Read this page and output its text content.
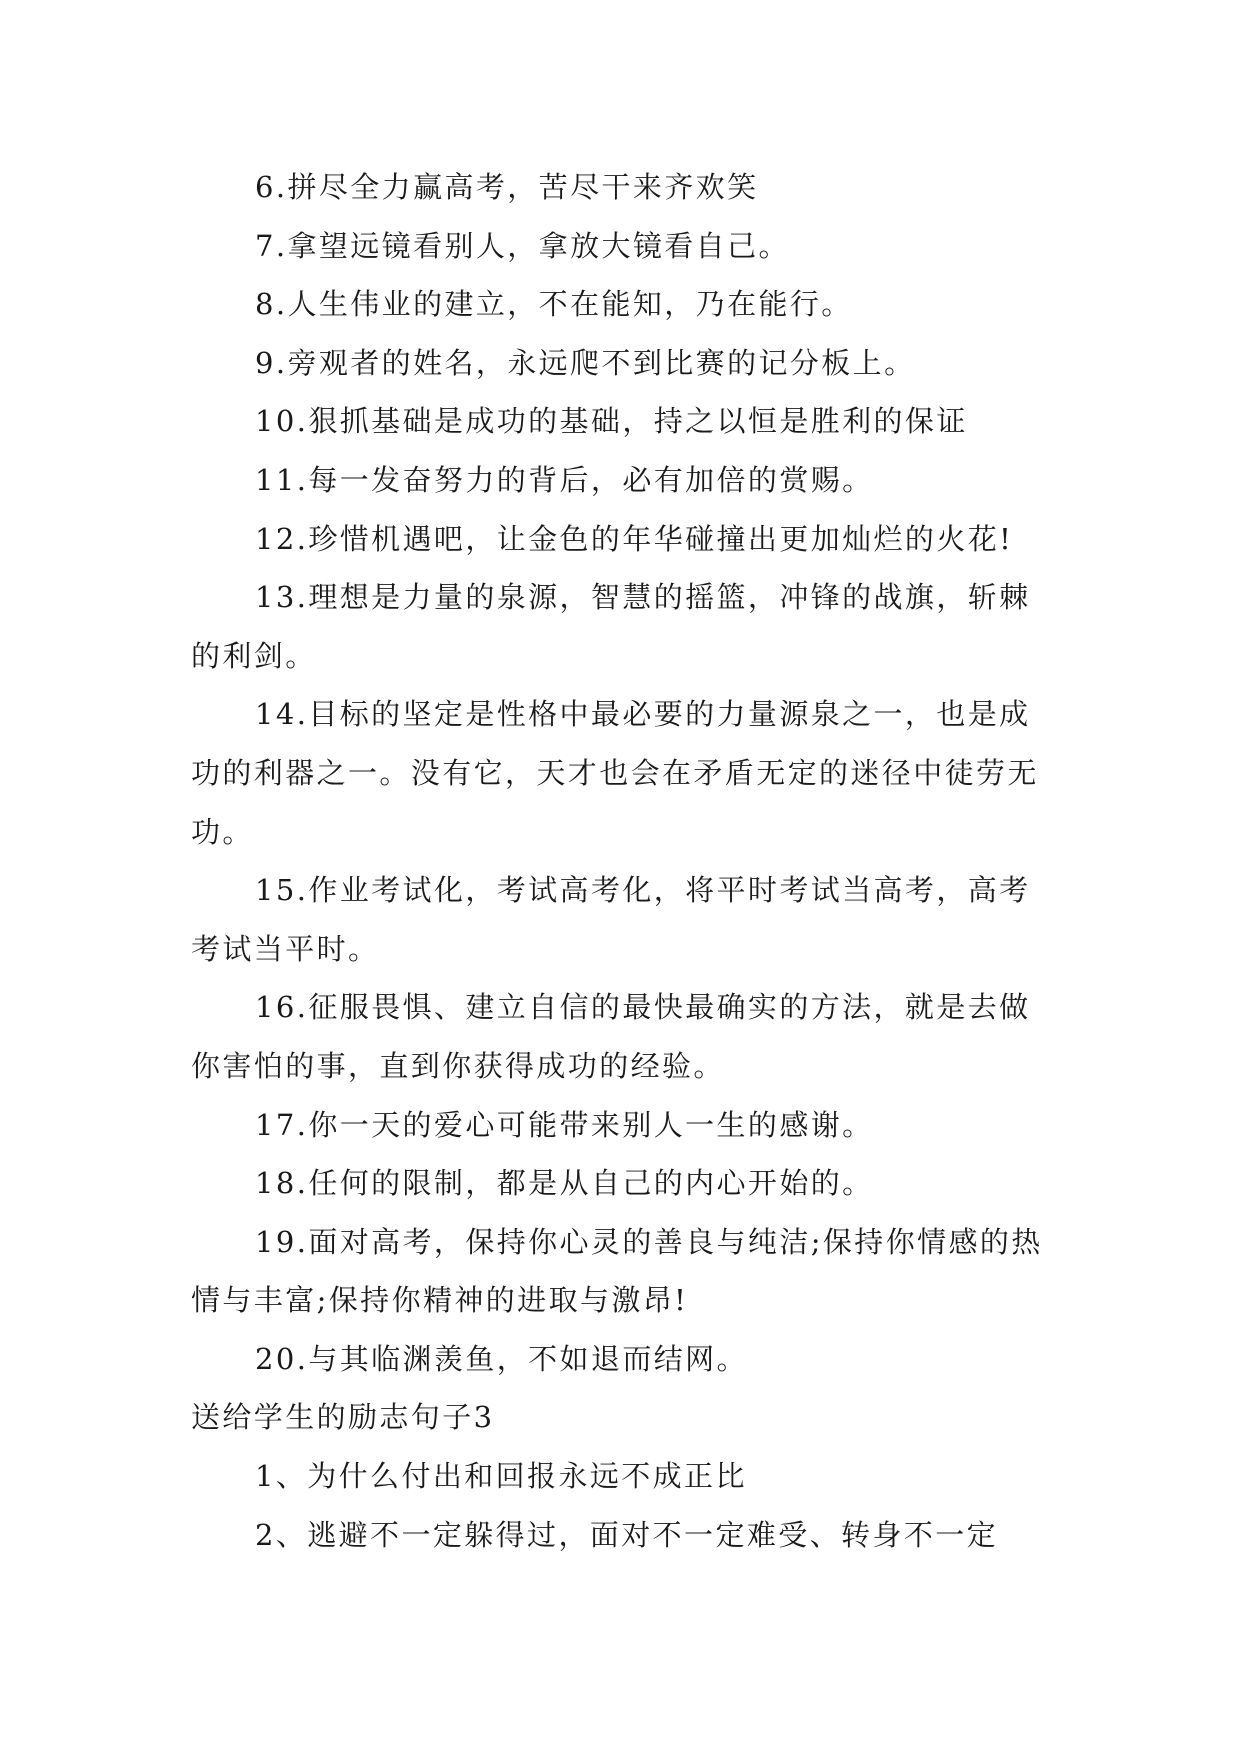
6.拼尽全力赢高考，苦尽干来齐欢笑

7.拿望远镜看别人，拿放大镜看自己。

8.人生伟业的建立，不在能知，乃在能行。

9.旁观者的姓名，永远爬不到比赛的记分板上。

10.狠抓基础是成功的基础，持之以恒是胜利的保证

11.每一发奋努力的背后，必有加倍的赏赐。

12.珍惜机遇吧，让金色的年华碰撞出更加灿烂的火花!

13.理想是力量的泉源，智慧的摇篮，冲锋的战旗，斩棘的利剑。

14.目标的坚定是性格中最必要的力量源泉之一，也是成功的利器之一。没有它，天才也会在矛盾无定的迷径中徒劳无功。

15.作业考试化，考试高考化，将平时考试当高考，高考考试当平时。

16.征服畏惧、建立自信的最快最确实的方法，就是去做你害怕的事，直到你获得成功的经验。

17.你一天的爱心可能带来别人一生的感谢。

18.任何的限制，都是从自己的内心开始的。

19.面对高考，保持你心灵的善良与纯洁;保持你情感的热情与丰富;保持你精神的进取与激昂!

20.与其临渊羡鱼，不如退而结网。

送给学生的励志句子3

1、为什么付出和回报永远不成正比

2、逃避不一定躲得过，面对不一定难受、转身不一定
